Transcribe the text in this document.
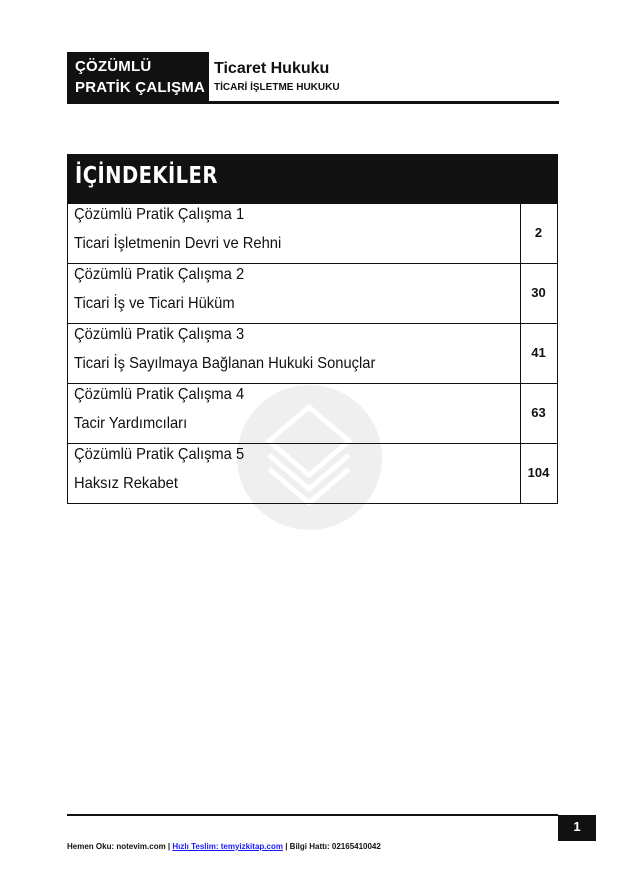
ÇÖZÜMLÜ
PRATİK ÇALIŞMA
Ticaret Hukuku
TİCARİ İŞLETME HUKUKU
İÇİNDEKİLER
Çözümlü Pratik Çalışma 1
Ticari İşletmenin Devri ve Rehni
2
Çözümlü Pratik Çalışma 2
Ticari İş ve Ticari Hüküm
30
Çözümlü Pratik Çalışma 3
Ticari İş Sayılmaya Bağlanan Hukuki Sonuçlar
41
Çözümlü Pratik Çalışma 4
Tacir Yardımcıları
63
Çözümlü Pratik Çalışma 5
Haksız Rekabet
104
1
Hemen Oku: notevim.com | Hızlı Teslim: temyizkitap.com | Bilgi Hattı: 02165410042
